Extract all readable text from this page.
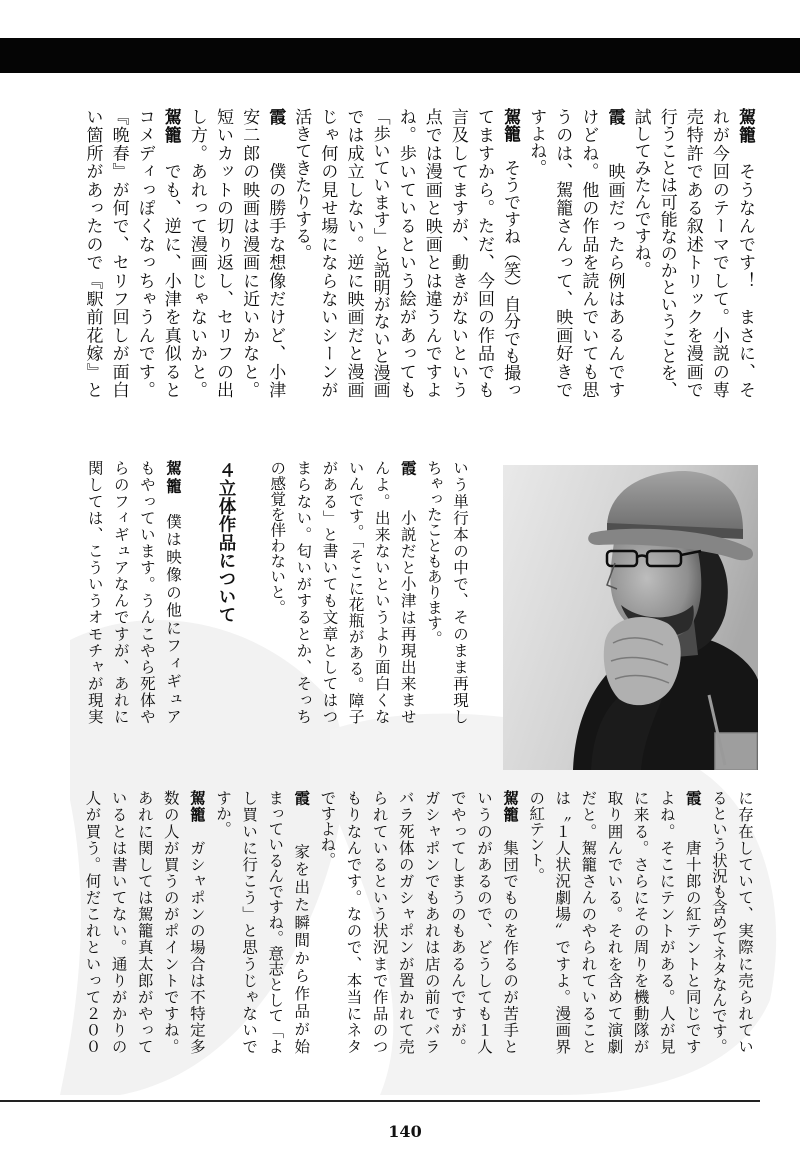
駕籠　そうなんです！　まさに、そ
れが今回のテーマでして。小説の専
売特許である叙述トリックを漫画で
行うことは可能なのかということを、
試してみたんですね。
霞　　映画だったら例はあるんです
けどね。他の作品を読んでいても思
うのは、駕籠さんって、映画好きで
すよね。
駕籠　そうですね（笑）自分でも撮っ
てますから。ただ、今回の作品でも
言及してますが、動きがないという
点では漫画と映画とは違うんですよ
ね。歩いているという絵があっても
「歩いています」と説明がないと漫画
では成立しない。逆に映画だと漫画
じゃ何の見せ場にならないシーンが
活きてきたりする。
霞　　僕の勝手な想像だけど、小津
安二郎の映画は漫画に近いかなと。
短いカットの切り返し、セリフの出
し方。あれって漫画じゃないかと。
駕籠　でも、逆に、小津を真似ると
コメディっぽくなっちゃうんです。
『晩春』が何で、セリフ回しが面白
い箇所があったので『駅前花嫁』と
いう単行本の中で、そのまま再現し
ちゃったこともあります。
霞　　小説だと小津は再現出来ませ
んよ。出来ないというより面白くな
いんです。「そこに花瓶がある。障子
がある」と書いても文章としてはつ
まらない。匂いがするとか、そっち
の感覚を伴わないと。
４立体作品について
駕籠　僕は映像の他にフィギュア
もやっています。うんこやら死体や
らのフィギュアなんですが、あれに
関しては、こういうオモチャが現実
に存在していて、実際に売られてい
るという状況も含めてネタなんです。
霞　　唐十郎の紅テントと同じです
よね。そこにテントがある。人が見
に来る。さらにその周りを機動隊が
取り囲んでいる。それを含めて演劇
だと。駕籠さんのやられていること
は〝１人状況劇場〟ですよ。漫画界
の紅テント。
駕籠　集団でものを作るのが苦手と
いうのがあるので、どうしても１人
でやってしまうのもあるんですが。
ガシャポンでもあれは店の前でバラ
バラ死体のガシャポンが置かれて売
られているという状況まで作品のつ
もりなんです。なので、本当にネタ
ですよね。
霞　　家を出た瞬間から作品が始
まっているんですね。意志として「よ
し買いに行こう」と思うじゃないで
すか。
駕籠　ガシャポンの場合は不特定多
数の人が買うのがポイントですね。
あれに関しては駕籠真太郎がやって
いるとは書いてない。通りがかりの
人が買う。何だこれといって２００
140
